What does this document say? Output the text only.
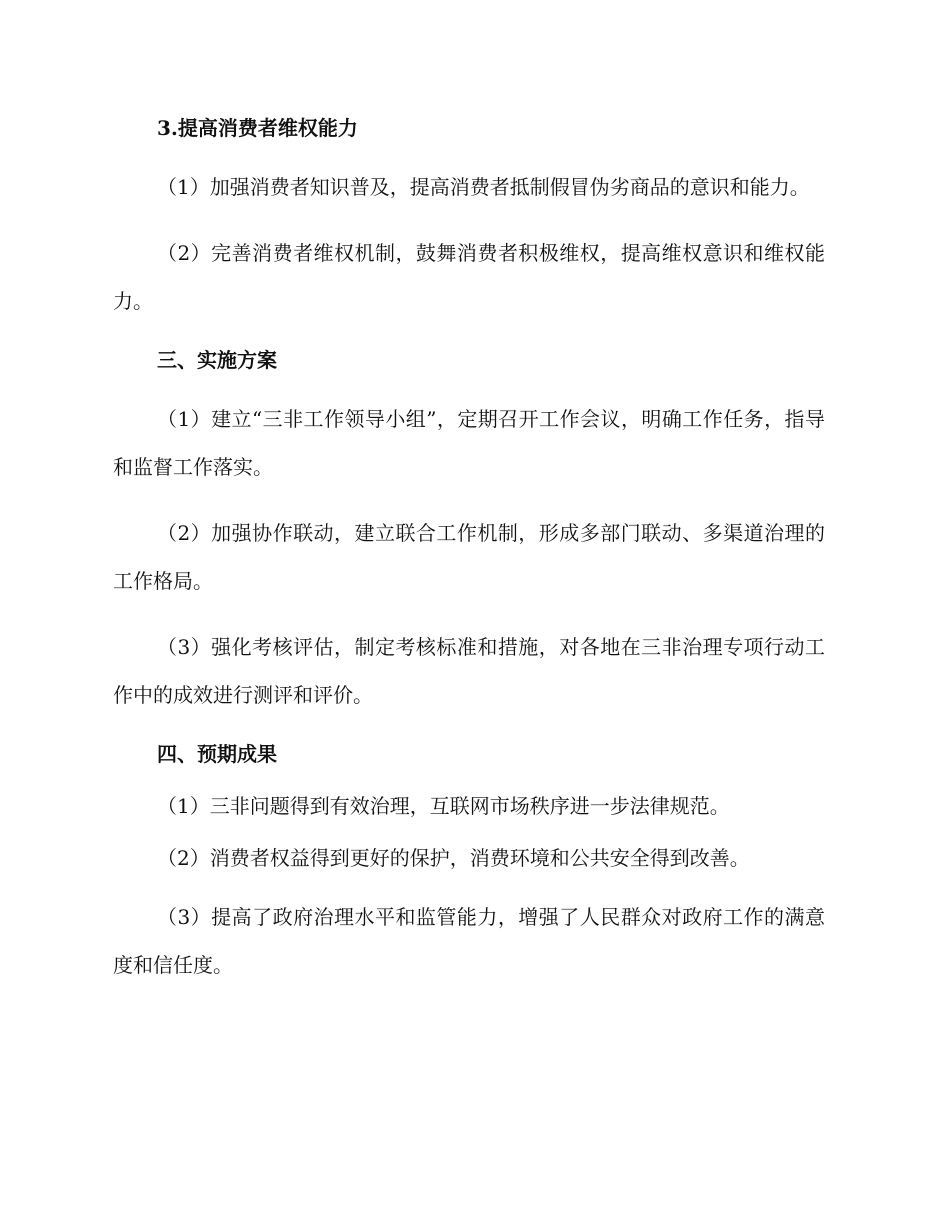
3.提高消费者维权能力

（1）加强消费者知识普及，提高消费者抵制假冒伪劣商品的意识和能力。

（2）完善消费者维权机制，鼓舞消费者积极维权，提高维权意识和维权能力。

三、实施方案

（1）建立“三非工作领导小组”，定期召开工作会议，明确工作任务，指导和监督工作落实。

（2）加强协作联动，建立联合工作机制，形成多部门联动、多渠道治理的工作格局。

（3）强化考核评估，制定考核标准和措施，对各地在三非治理专项行动工作中的成效进行测评和评价。

四、预期成果

（1）三非问题得到有效治理，互联网市场秩序进一步法律规范。

（2）消费者权益得到更好的保护，消费环境和公共安全得到改善。

（3）提高了政府治理水平和监管能力，增强了人民群众对政府工作的满意度和信任度。
